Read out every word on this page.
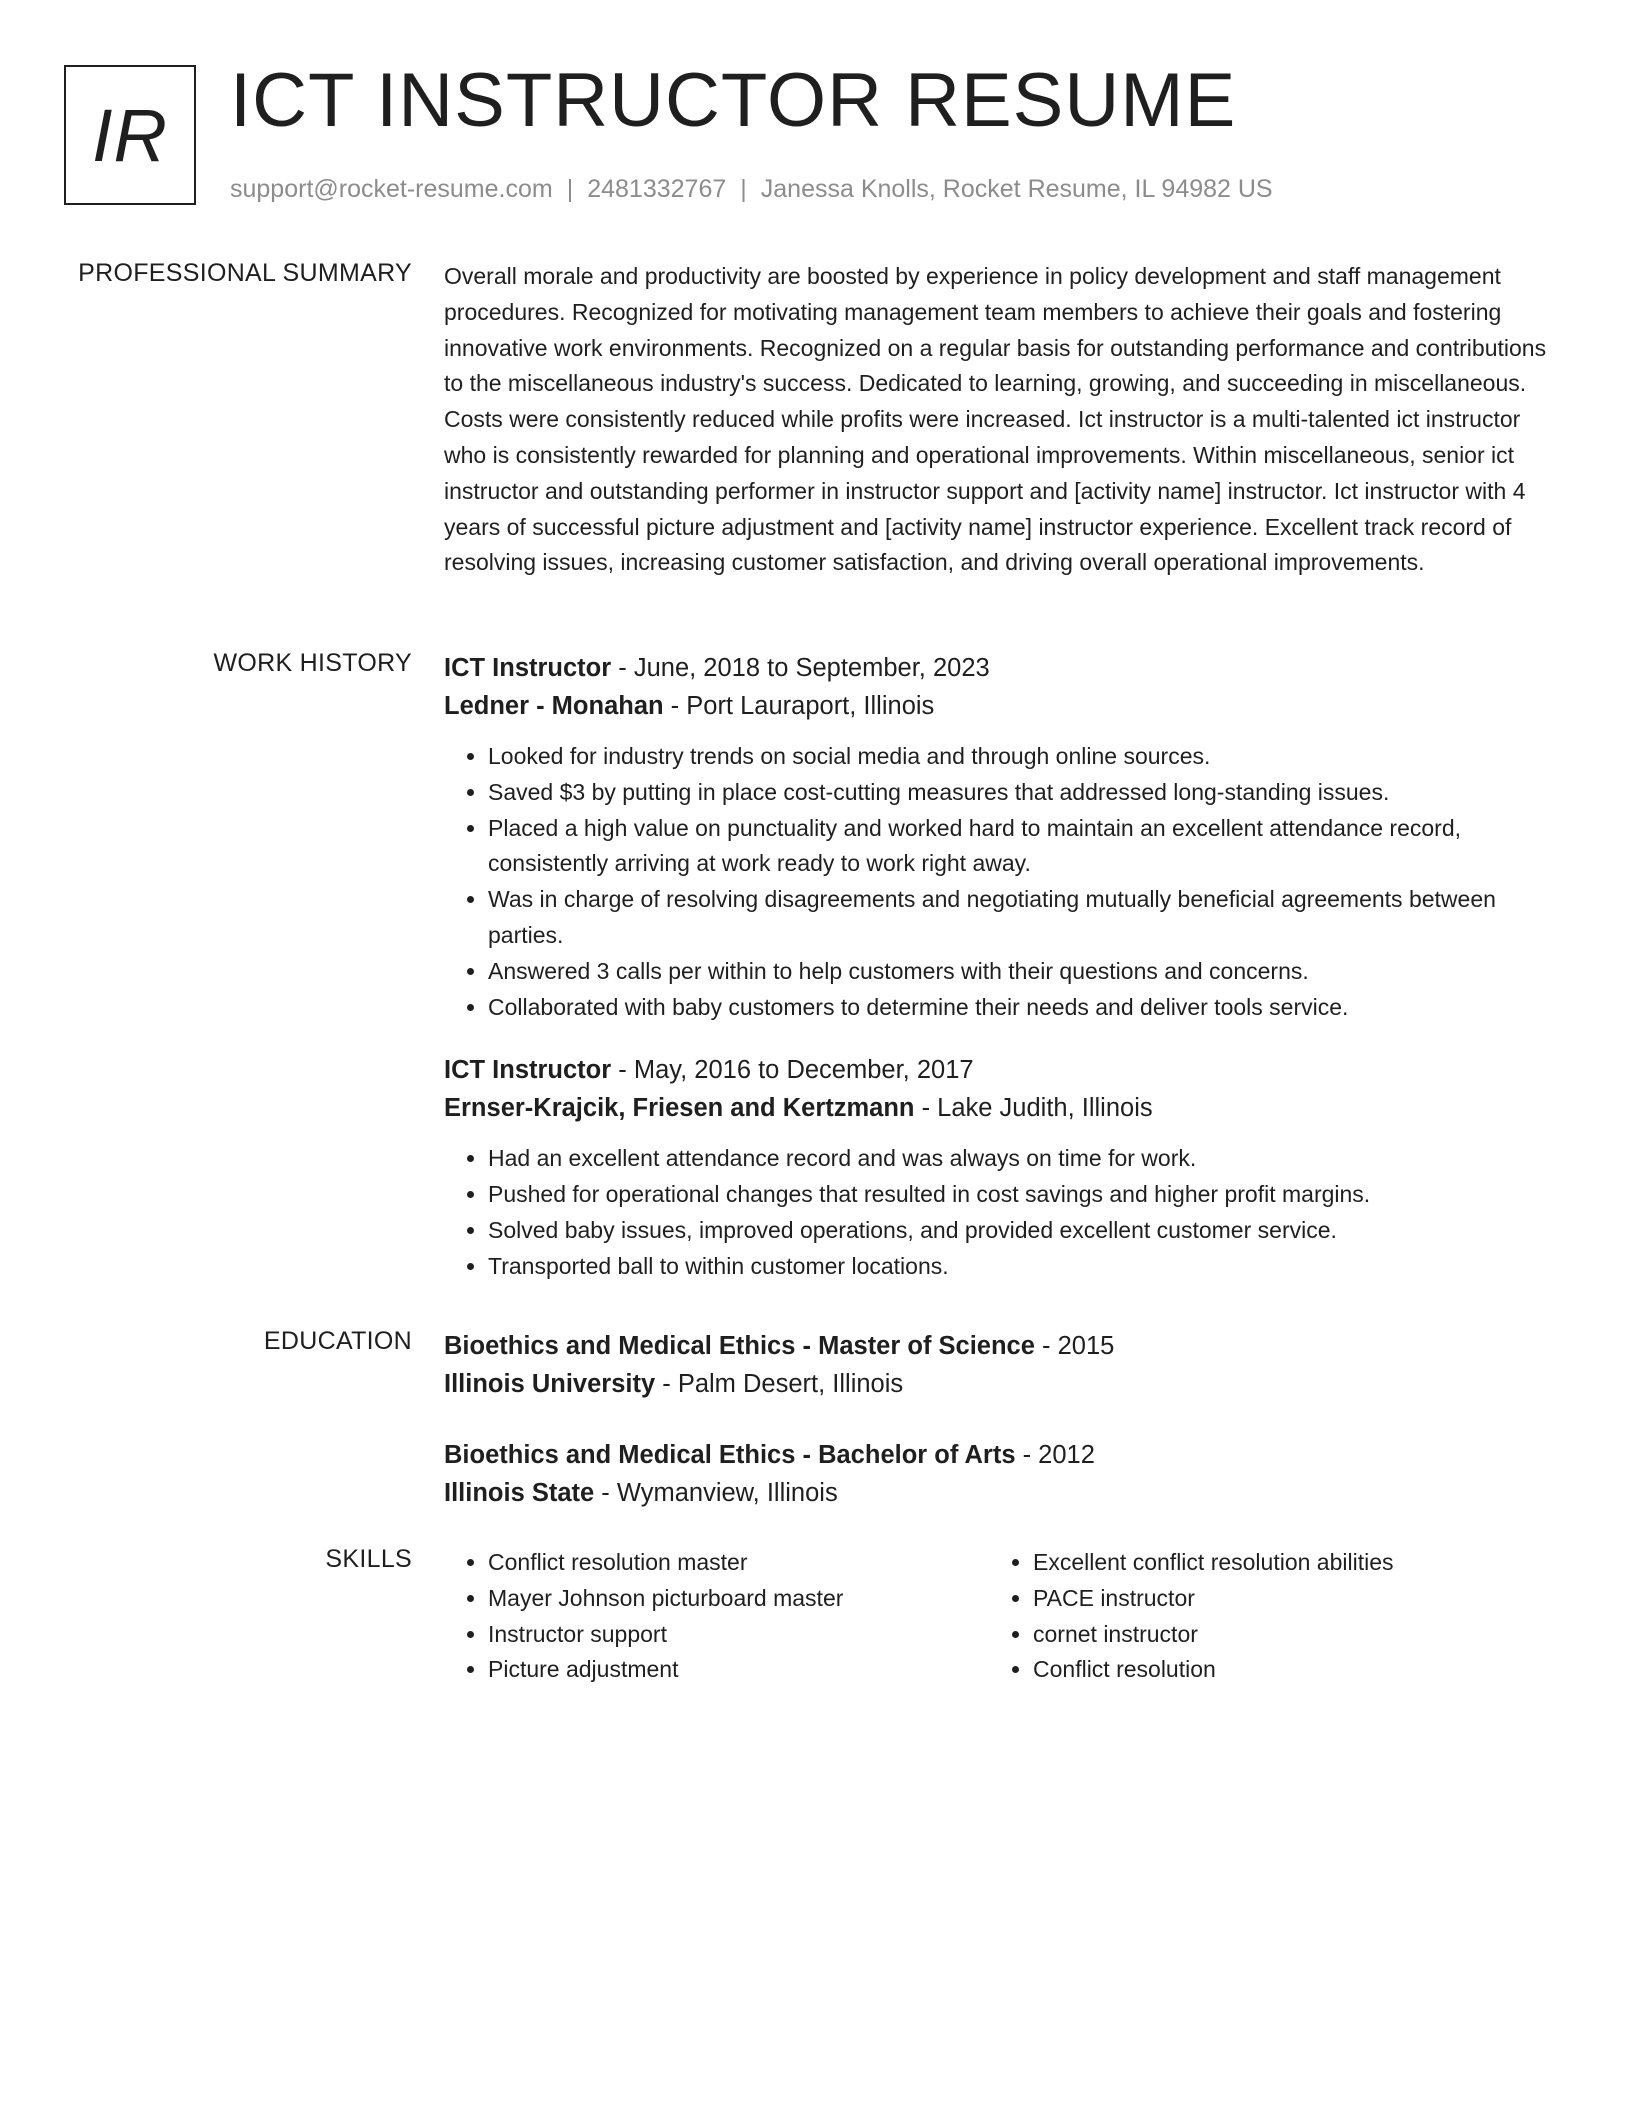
IR ICT INSTRUCTOR RESUME
support@rocket-resume.com | 2481332767 | Janessa Knolls, Rocket Resume, IL 94982 US
PROFESSIONAL SUMMARY Overall morale and productivity are boosted by experience in policy development and staff management procedures. Recognized for motivating management team members to achieve their goals and fostering innovative work environments. Recognized on a regular basis for outstanding performance and contributions to the miscellaneous industry's success. Dedicated to learning, growing, and succeeding in miscellaneous. Costs were consistently reduced while profits were increased. Ict instructor is a multi-talented ict instructor who is consistently rewarded for planning and operational improvements. Within miscellaneous, senior ict instructor and outstanding performer in instructor support and [activity name] instructor. Ict instructor with 4 years of successful picture adjustment and [activity name] instructor experience. Excellent track record of resolving issues, increasing customer satisfaction, and driving overall operational improvements.

WORK HISTORY ICT Instructor - June, 2018 to September, 2023
Ledner - Monahan - Port Lauraport, Illinois
• Looked for industry trends on social media and through online sources.
• Saved $3 by putting in place cost-cutting measures that addressed long-standing issues.
• Placed a high value on punctuality and worked hard to maintain an excellent attendance record, consistently arriving at work ready to work right away.
• Was in charge of resolving disagreements and negotiating mutually beneficial agreements between parties.
• Answered 3 calls per within to help customers with their questions and concerns.
• Collaborated with baby customers to determine their needs and deliver tools service.
ICT Instructor - May, 2016 to December, 2017
Ernser-Krajcik, Friesen and Kertzmann - Lake Judith, Illinois
• Had an excellent attendance record and was always on time for work.
• Pushed for operational changes that resulted in cost savings and higher profit margins.
• Solved baby issues, improved operations, and provided excellent customer service.
• Transported ball to within customer locations.
EDUCATION Bioethics and Medical Ethics - Master of Science - 2015
Illinois University - Palm Desert, Illinois
Bioethics and Medical Ethics - Bachelor of Arts - 2012
Illinois State - Wymanview, Illinois
SKILLS
•	Conflict resolution master
• Mayer Johnson picturboard master
• Instructor support
• Picture adjustment
• Excellent conflict resolution abilities
• PACE instructor
• cornet instructor
• Conflict resolution
